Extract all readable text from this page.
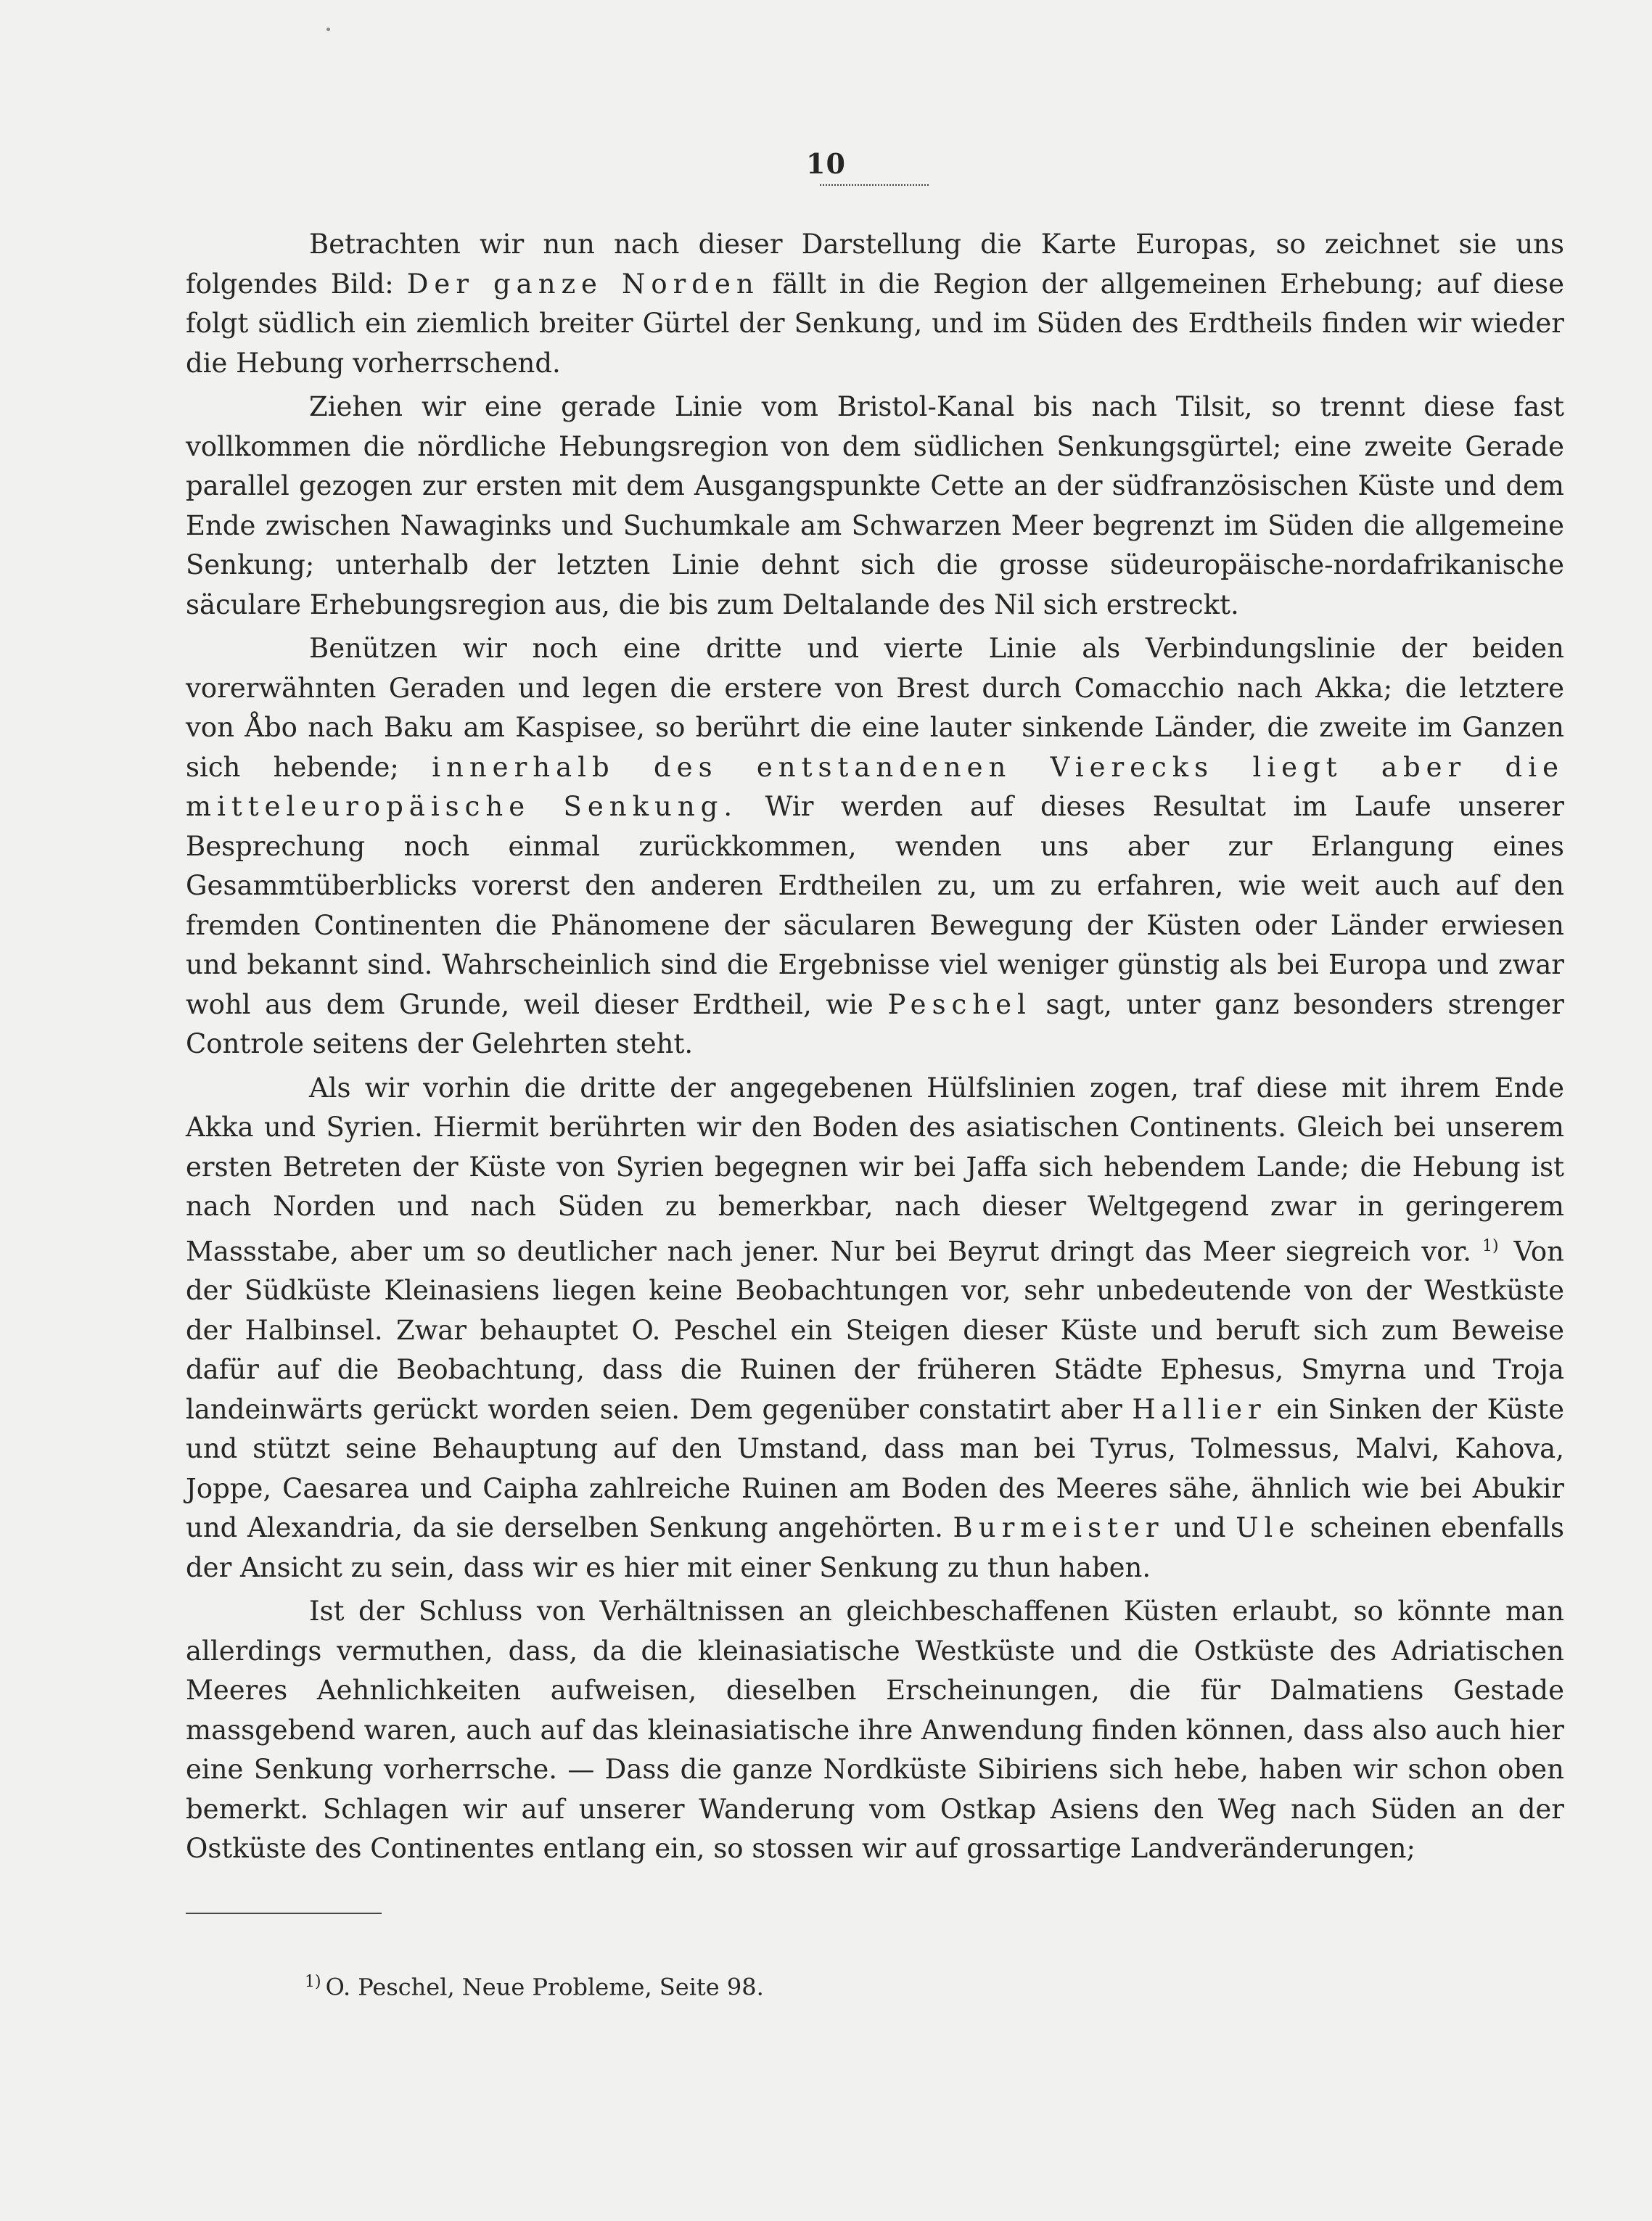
10

Betrachten wir nun nach dieser Darstellung die Karte Europas, so zeichnet sie uns folgendes Bild: Der ganze Norden fällt in die Region der allgemeinen Erhebung; auf diese folgt südlich ein ziemlich breiter Gürtel der Senkung, und im Süden des Erdtheils finden wir wieder die Hebung vorherrschend.

Ziehen wir eine gerade Linie vom Bristol-Kanal bis nach Tilsit, so trennt diese fast vollkommen die nördliche Hebungsregion von dem südlichen Senkungsgürtel; eine zweite Gerade parallel gezogen zur ersten mit dem Ausgangspunkte Cette an der südfranzösischen Küste und dem Ende zwischen Nawaginks und Suchumkale am Schwarzen Meer begrenzt im Süden die allgemeine Senkung; unterhalb der letzten Linie dehnt sich die grosse südeuropäische-nordafrikanische säculare Erhebungsregion aus, die bis zum Deltalande des Nil sich erstreckt.

Benützen wir noch eine dritte und vierte Linie als Verbindungslinie der beiden vorerwähnten Geraden und legen die erstere von Brest durch Comacchio nach Akka; die letztere von Åbo nach Baku am Kaspisee, so berührt die eine lauter sinkende Länder, die zweite im Ganzen sich hebende; innerhalb des entstandenen Vierecks liegt aber die mitteleuropäische Senkung. Wir werden auf dieses Resultat im Laufe unserer Besprechung noch einmal zurückkommen, wenden uns aber zur Erlangung eines Gesammtüberblicks vorerst den anderen Erdtheilen zu, um zu erfahren, wie weit auch auf den fremden Continenten die Phänomene der säcularen Bewegung der Küsten oder Länder erwiesen und bekannt sind. Wahrscheinlich sind die Ergebnisse viel weniger günstig als bei Europa und zwar wohl aus dem Grunde, weil dieser Erdtheil, wie Peschel sagt, unter ganz besonders strenger Controle seitens der Gelehrten steht.

Als wir vorhin die dritte der angegebenen Hülfslinien zogen, traf diese mit ihrem Ende Akka und Syrien. Hiermit berührten wir den Boden des asiatischen Continents. Gleich bei unserem ersten Betreten der Küste von Syrien begegnen wir bei Jaffa sich hebendem Lande; die Hebung ist nach Norden und nach Süden zu bemerkbar, nach dieser Weltgegend zwar in geringerem Massstabe, aber um so deutlicher nach jener. Nur bei Beyrut dringt das Meer siegreich vor. $^{1)}$ Von der Südküste Kleinasiens liegen keine Beobachtungen vor, sehr unbedeutende von der Westküste der Halbinsel. Zwar behauptet O. Peschel ein Steigen dieser Küste und beruft sich zum Beweise dafür auf die Beobachtung, dass die Ruinen der früheren Städte Ephesus, Smyrna und Troja landeinwärts gerückt worden seien. Dem gegenüber constatirt aber Hallier ein Sinken der Küste und stützt seine Behauptung auf den Umstand, dass man bei Tyrus, Tolmessus, Malvi, Kahova, Joppe, Caesarea und Caipha zahlreiche Ruinen am Boden des Meeres sähe, ähnlich wie bei Abukir und Alexandria, da sie derselben Senkung angehörten. Burmeister und Ule scheinen ebenfalls der Ansicht zu sein, dass wir es hier mit einer Senkung zu thun haben.

Ist der Schluss von Verhältnissen an gleichbeschaffenen Küsten erlaubt, so könnte man allerdings vermuthen, dass, da die kleinasiatische Westküste und die Ostküste des Adriatischen Meeres Aehnlichkeiten aufweisen, dieselben Erscheinungen, die für Dalmatiens Gestade massgebend waren, auch auf das kleinasiatische ihre Anwendung finden können, dass also auch hier eine Senkung vorherrsche. — Dass die ganze Nordküste Sibiriens sich hebe, haben wir schon oben bemerkt. Schlagen wir auf unserer Wanderung vom Ostkap Asiens den Weg nach Süden an der Ostküste des Continentes entlang ein, so stossen wir auf grossartige Landveränderungen;

$^{1)}$ O. Peschel, Neue Probleme, Seite 98.
